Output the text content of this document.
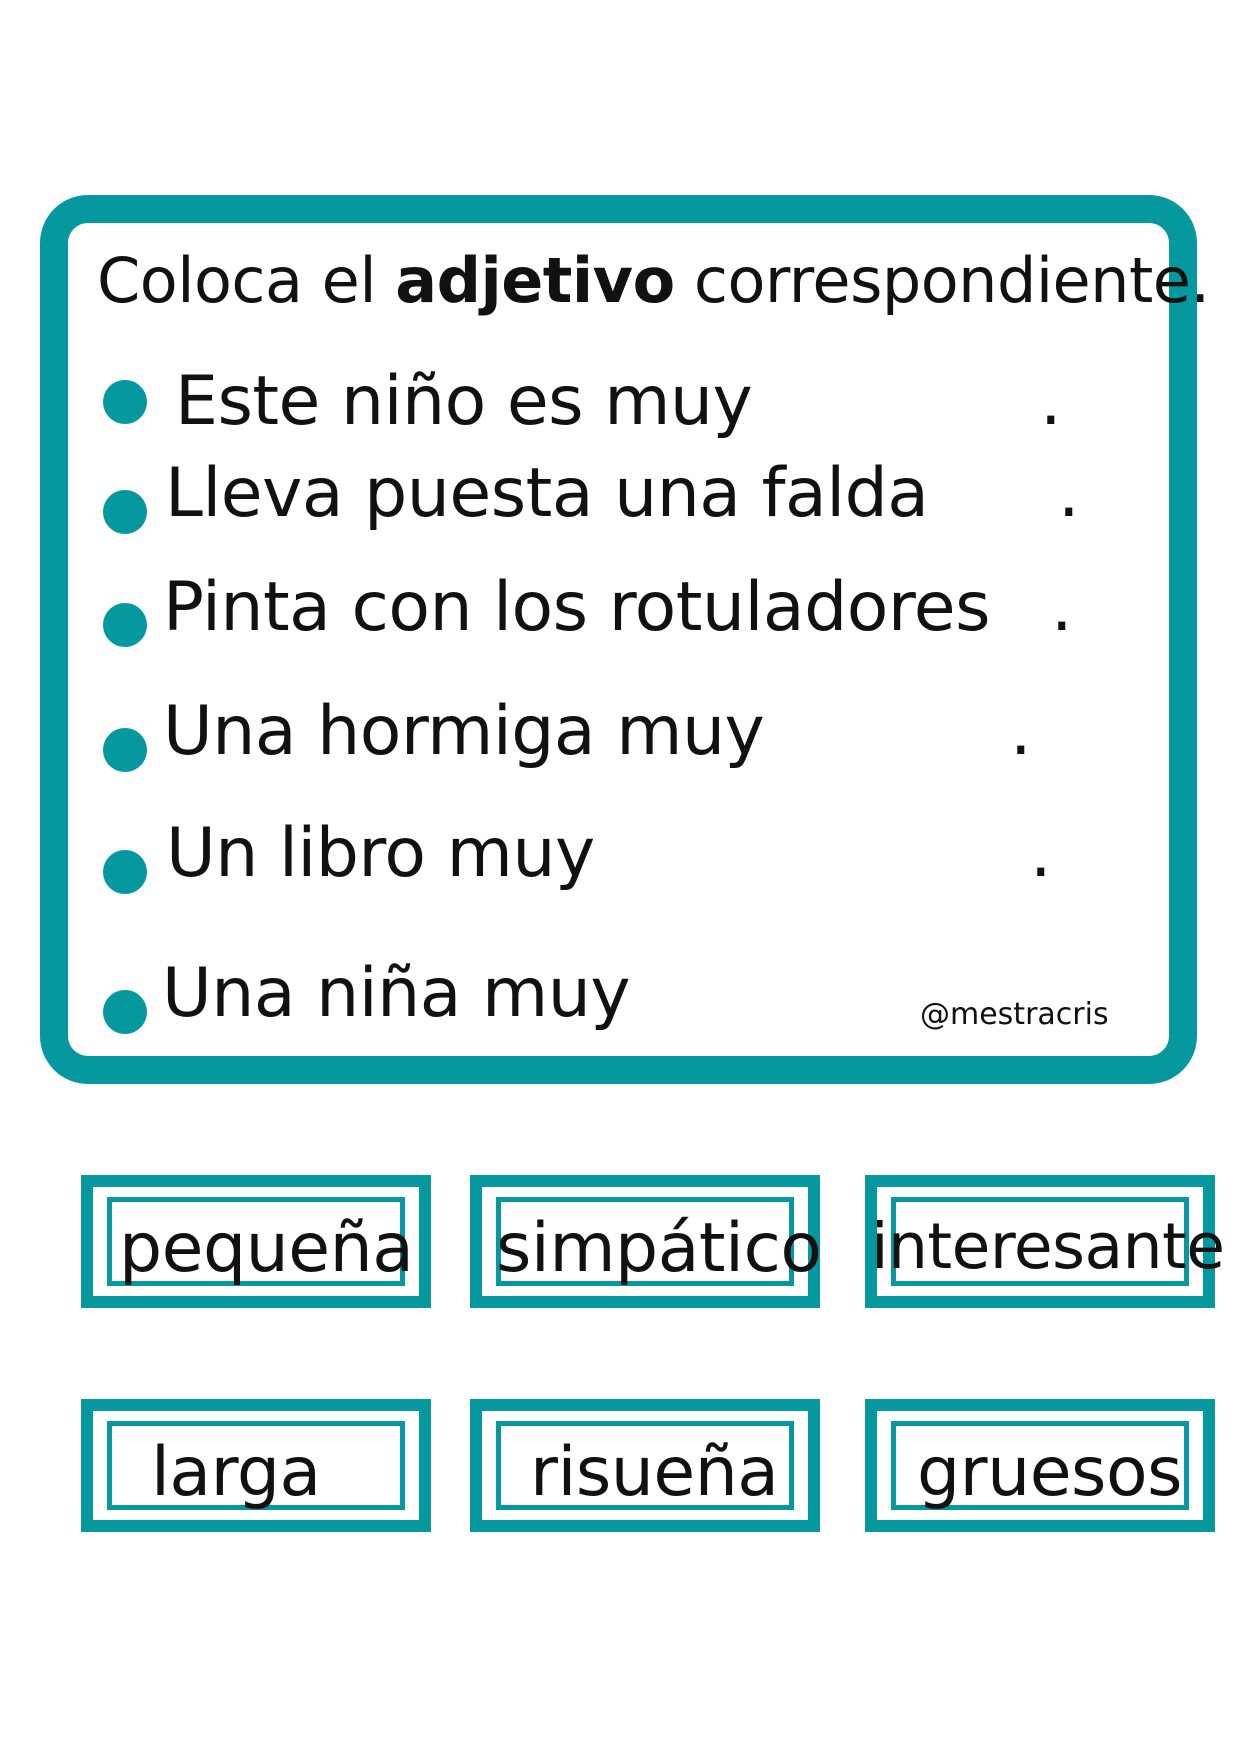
Coloca el adjetivo correspondiente.
Este niño es muy	.
Lleva puesta una falda .
Pinta con los rotuladores .
Una hormiga muy	.
Un libro muy	.
Una niña muy	@mestracris
pequeña simpático interesante
larga	risueña gruesos
